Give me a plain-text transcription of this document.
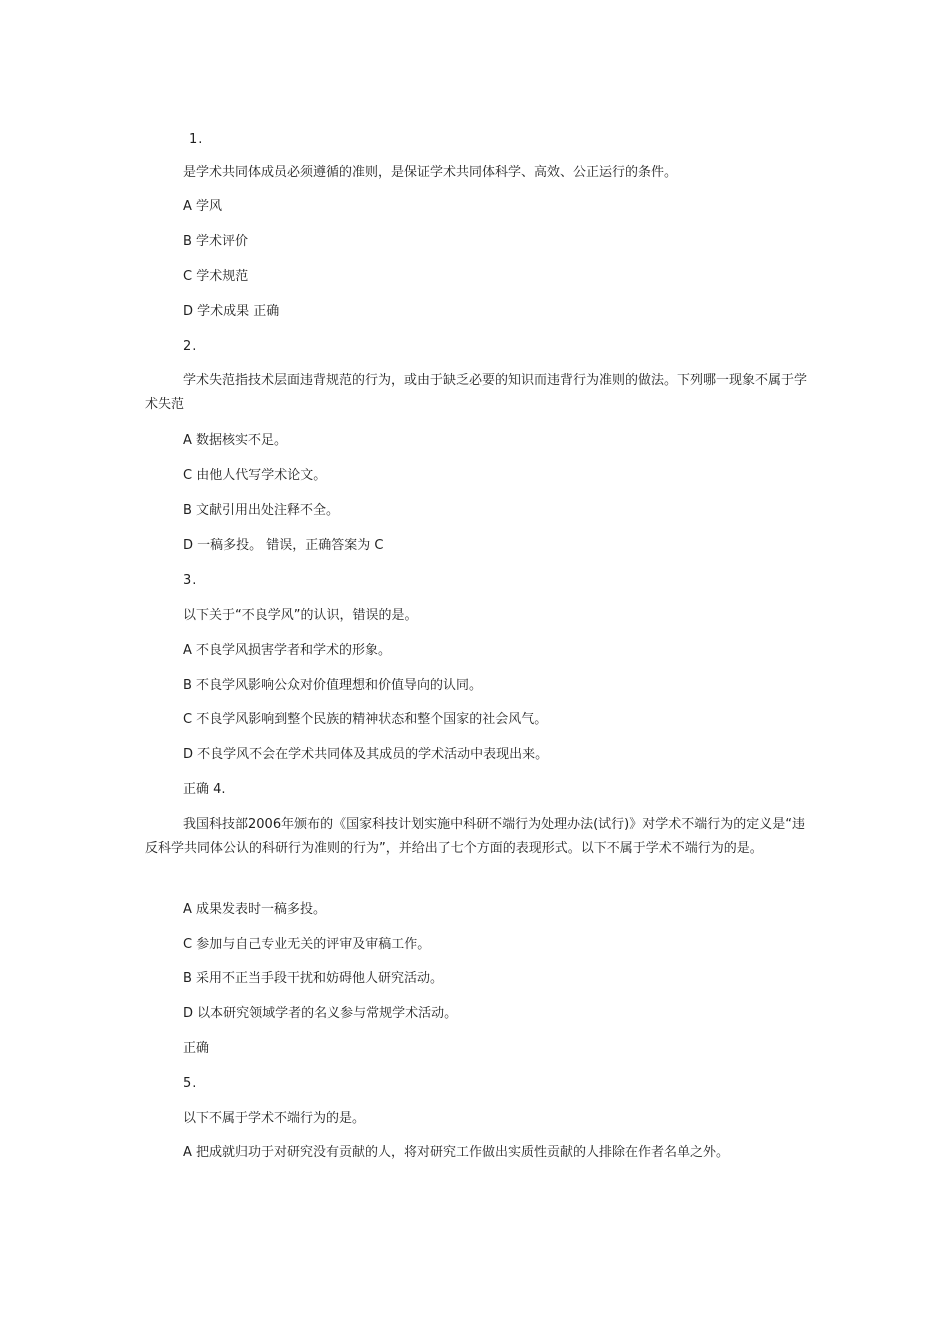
1.
是学术共同体成员必须遵循的准则，是保证学术共同体科学、高效、公正运行的条件。
A 学风
B 学术评价
C 学术规范
D 学术成果 正确
2.
学术失范指技术层面违背规范的行为，或由于缺乏必要的知识而违背行为准则的做法。下列哪一现象不属于学术失范
A 数据核实不足。
C 由他人代写学术论文。
B 文献引用出处注释不全。
D 一稿多投。 错误，正确答案为 C
3.
以下关于“不良学风”的认识，错误的是。
A 不良学风损害学者和学术的形象。
B 不良学风影响公众对价值理想和价值导向的认同。
C 不良学风影响到整个民族的精神状态和整个国家的社会风气。
D 不良学风不会在学术共同体及其成员的学术活动中表现出来。
正确 4.
我国科技部2006年颁布的《国家科技计划实施中科研不端行为处理办法(试行)》对学术不端行为的定义是“违反科学共同体公认的科研行为准则的行为”，并给出了七个方面的表现形式。以下不属于学术不端行为的是。
A 成果发表时一稿多投。
C 参加与自己专业无关的评审及审稿工作。
B 采用不正当手段干扰和妨碍他人研究活动。
D 以本研究领域学者的名义参与常规学术活动。
正确
5.
以下不属于学术不端行为的是。
A 把成就归功于对研究没有贡献的人，将对研究工作做出实质性贡献的人排除在作者名单之外。
